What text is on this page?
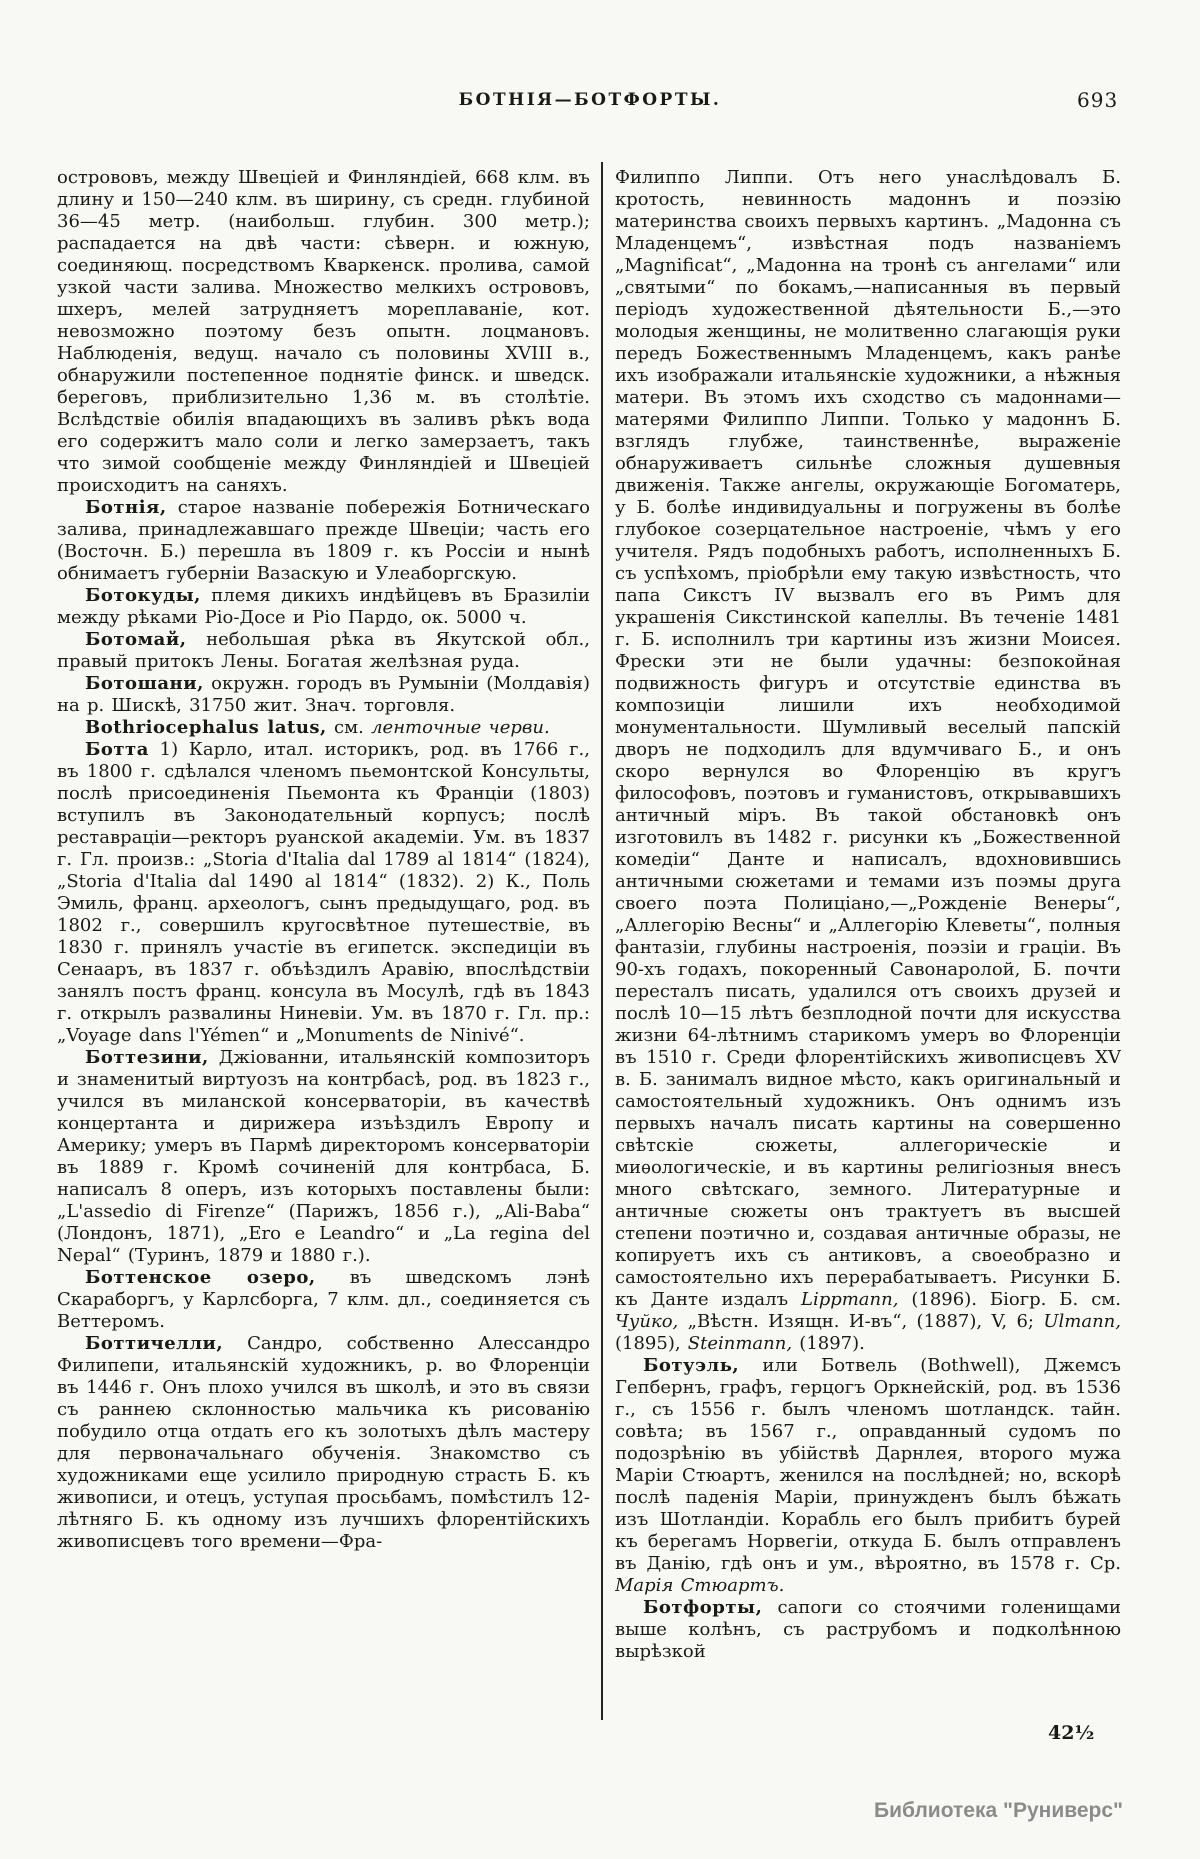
БОТНІЯ—БОТФОРТЫ.	693

острововъ, между Швеціей и Финляндіей, 668 клм. въ длину и 150—240 клм. въ ширину, съ средн. глубиной 36—45 метр. (наибольш. глубин. 300 метр.); распадается на двѣ части: сѣверн. и южную, соединяющ. посредствомъ Кваркенск. пролива, самой узкой части залива. Множество мелкихъ острововъ, шхеръ, мелей затрудняетъ мореплаваніе, кот. невозможно поэтому безъ опытн. лоцмановъ. Наблюденія, ведущ. начало съ половины XVIII в., обнаружили постепенное поднятіе финск. и шведск. береговъ, приблизительно 1,36 м. въ столѣтіе. Вслѣдствіе обилія впадающихъ въ заливъ рѣкъ вода его содержитъ мало соли и легко замерзаетъ, такъ что зимой сообщеніе между Финляндіей и Швеціей происходитъ на саняхъ.

Ботнія, старое названіе побережія Ботническаго залива, принадлежавшаго прежде Швеціи; часть его (Восточн. Б.) перешла въ 1809 г. къ Россіи и нынѣ обнимаетъ губерніи Вазаскую и Улеаборгскую.

Ботокуды, племя дикихъ индѣйцевъ въ Бразиліи между рѣками Ріо-Досе и Ріо Пардо, ок. 5000 ч.

Ботомай, небольшая рѣка въ Якутской обл., правый притокъ Лены. Богатая желѣзная руда.

Ботошани, окружн. городъ въ Румыніи (Молдавія) на р. Шискѣ, 31750 жит. Знач. торговля.

Bothriocephalus latus, см. ленточные черви.

Ботта 1) Карло, итал. историкъ, род. въ 1766 г., въ 1800 г. сдѣлался членомъ пьемонтской Консульты, послѣ присоединенія Пьемонта къ Франціи (1803) вступилъ въ Законодательный корпусъ; послѣ реставраціи—ректоръ руанской академіи. Ум. въ 1837 г. Гл. произв.: „Storia d'Italia dal 1789 al 1814“ (1824), „Storia d'Italia dal 1490 al 1814“ (1832). 2) К., Поль Эмиль, франц. археологъ, сынъ предыдущаго, род. въ 1802 г., совершилъ кругосвѣтное путешествіе, въ 1830 г. принялъ участіе въ египетск. экспедиціи въ Сенааръ, въ 1837 г. объѣздилъ Аравію, впослѣдствіи занялъ постъ франц. консула въ Мосулѣ, гдѣ въ 1843 г. открылъ развалины Ниневіи. Ум. въ 1870 г. Гл. пр.: „Voyage dans l'Yémen“ и „Monuments de Ninivé“.

Боттезини, Джіованни, итальянскій композиторъ и знаменитый виртуозъ на контрбасѣ, род. въ 1823 г., учился въ миланской консерваторіи, въ качествѣ концертанта и дирижера изъѣздилъ Европу и Америку; умеръ въ Пармѣ директоромъ консерваторіи въ 1889 г. Кромѣ сочиненій для контрбаса, Б. написалъ 8 оперъ, изъ которыхъ поставлены были: „L'assedio di Firenze“ (Парижъ, 1856 г.), „Ali-Baba“ (Лондонъ, 1871), „Ero e Leandro“ и „La regina del Nepal“ (Туринъ, 1879 и 1880 г.).

Боттенское озеро, въ шведскомъ лэнѣ Скараборгъ, у Карлсборга, 7 клм. дл., соединяется съ Веттеромъ.

Боттичелли, Сандро, собственно Алессандро Филипепи, итальянскій художникъ, р. во Флоренціи въ 1446 г. Онъ плохо учился въ школѣ, и это въ связи съ раннею склонностью мальчика къ рисованію побудило отца отдать его къ золотыхъ дѣлъ мастеру для первоначальнаго обученія. Знакомство съ художниками еще усилило природную страсть Б. къ живописи, и отецъ, уступая просьбамъ, помѣстилъ 12-лѣтняго Б. къ одному изъ лучшихъ флорентійскихъ живописцевъ того времени—Фра-

Филиппо Липпи. Отъ него унаслѣдовалъ Б. кротость, невинность мадоннъ и поэзію материнства своихъ первыхъ картинъ. „Мадонна съ Младенцемъ“, извѣстная подъ названіемъ „Magnificat“, „Мадонна на тронѣ съ ангелами“ или „святыми“ по бокамъ,—написанныя въ первый періодъ художественной дѣятельности Б.,—это молодыя женщины, не молитвенно слагающія руки передъ Божественнымъ Младенцемъ, какъ ранѣе ихъ изображали итальянскіе художники, а нѣжныя матери. Въ этомъ ихъ сходство съ мадоннами—матерями Филиппо Липпи. Только у мадоннъ Б. взглядъ глубже, таинственнѣе, выраженіе обнаруживаетъ сильнѣе сложныя душевныя движенія. Также ангелы, окружающіе Богоматерь, у Б. болѣе индивидуальны и погружены въ болѣе глубокое созерцательное настроеніе, чѣмъ у его учителя. Рядъ подобныхъ работъ, исполненныхъ Б. съ успѣхомъ, пріобрѣли ему такую извѣстность, что папа Сикстъ IV вызвалъ его въ Римъ для украшенія Сикстинской капеллы. Въ теченіе 1481 г. Б. исполнилъ три картины изъ жизни Моисея. Фрески эти не были удачны: безпокойная подвижность фигуръ и отсутствіе единства въ композиціи лишили ихъ необходимой монументальности. Шумливый веселый папскій дворъ не подходилъ для вдумчиваго Б., и онъ скоро вернулся во Флоренцію въ кругъ философовъ, поэтовъ и гуманистовъ, открывавшихъ античный міръ. Въ такой обстановкѣ онъ изготовилъ въ 1482 г. рисунки къ „Божественной комедіи“ Данте и написалъ, вдохновившись античными сюжетами и темами изъ поэмы друга своего поэта Полиціано,—„Рожденіе Венеры“, „Аллегорію Весны“ и „Аллегорію Клеветы“, полныя фантазіи, глубины настроенія, поэзіи и граціи. Въ 90-хъ годахъ, покоренный Савонаролой, Б. почти пересталъ писать, удалился отъ своихъ друзей и послѣ 10—15 лѣтъ безплодной почти для искусства жизни 64-лѣтнимъ старикомъ умеръ во Флоренціи въ 1510 г. Среди флорентійскихъ живописцевъ XV в. Б. занималъ видное мѣсто, какъ оригинальный и самостоятельный художникъ. Онъ однимъ изъ первыхъ началъ писать картины на совершенно свѣтскіе сюжеты, аллегорическіе и миѳологическіе, и въ картины религіозныя внесъ много свѣтскаго, земного. Литературные и античные сюжеты онъ трактуетъ въ высшей степени поэтично и, создавая античные образы, не копируетъ ихъ съ антиковъ, а своеобразно и самостоятельно ихъ перерабатываетъ. Рисунки Б. къ Данте издалъ Lippmann, (1896). Біогр. Б. см. Чуйко, „Вѣстн. Изящн. И-въ“, (1887), V, 6; Ulmann, (1895), Steinmann, (1897).

Ботуэль, или Ботвель (Bothwell), Джемсъ Гепбернъ, графъ, герцогъ Оркнейскій, род. въ 1536 г., съ 1556 г. былъ членомъ шотландск. тайн. совѣта; въ 1567 г., оправданный судомъ по подозрѣнію въ убійствѣ Дарнлея, второго мужа Маріи Стюартъ, женился на послѣдней; но, вскорѣ послѣ паденія Маріи, принужденъ былъ бѣжать изъ Шотландіи. Корабль его былъ прибитъ бурей къ берегамъ Норвегіи, откуда Б. былъ отправленъ въ Данію, гдѣ онъ и ум., вѣроятно, въ 1578 г. Ср. Марія Стюартъ.

Ботфорты, сапоги со стоячими голенищами выше колѣнъ, съ раструбомъ и подколѣнною вырѣзкой

42½
Библиотека "Руниверс"
